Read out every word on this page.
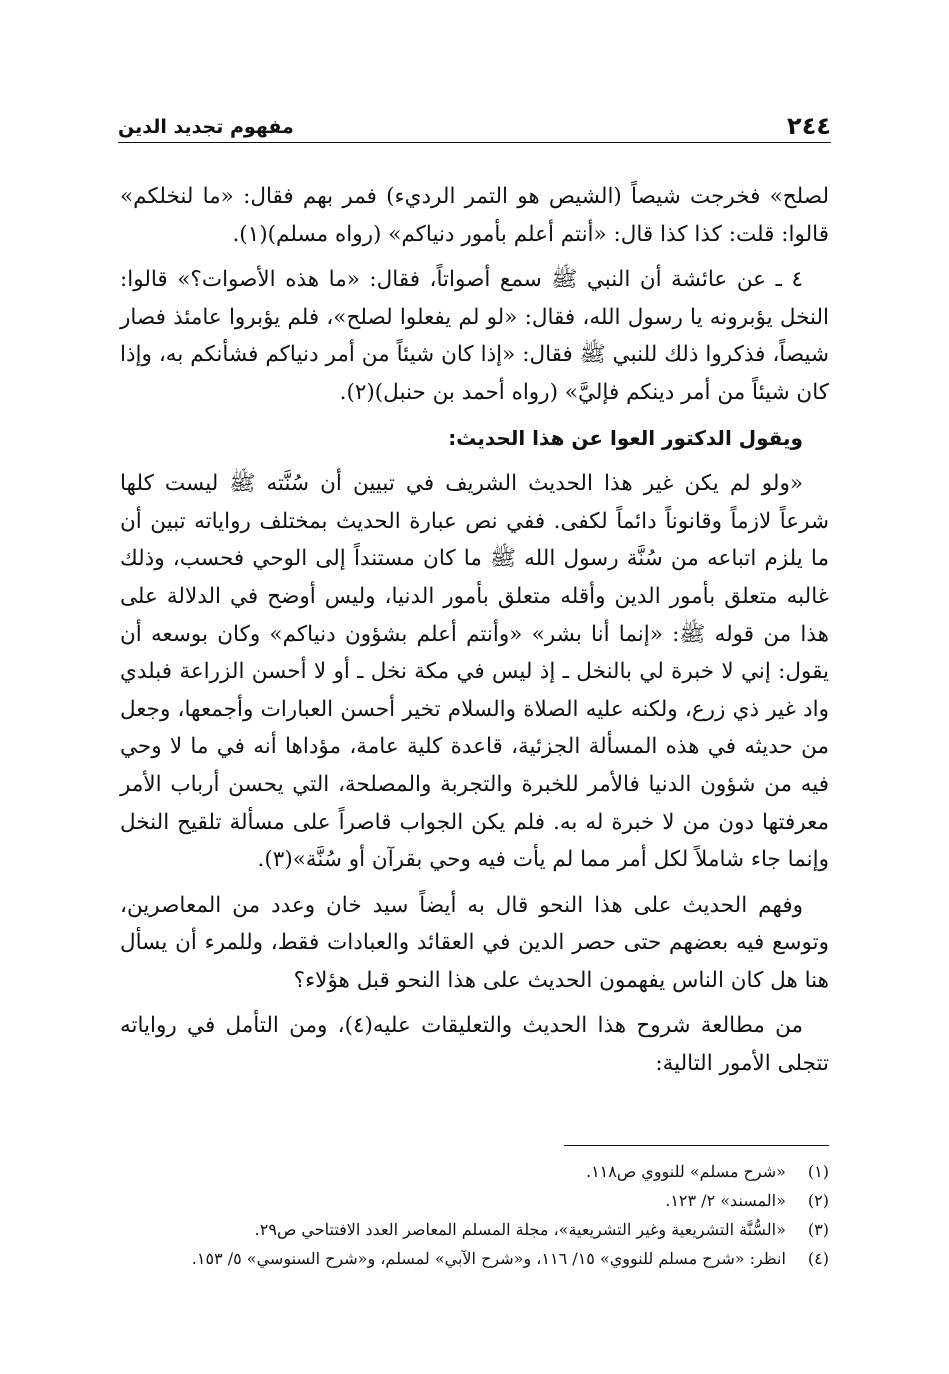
٢٤٤
مفهوم تجديد الدين

لصلح» فخرجت شيصاً (الشيص هو التمر الرديء) فمر بهم فقال: «ما لنخلكم» قالوا: قلت: كذا كذا قال: «أنتم أعلم بأمور دنياكم» (رواه مسلم)(١).

٤ ـ عن عائشة أن النبي ﷺ سمع أصواتاً، فقال: «ما هذه الأصوات؟» قالوا: النخل يؤبرونه يا رسول الله، فقال: «لو لم يفعلوا لصلح»، فلم يؤبروا عامئذ فصار شيصاً، فذكروا ذلك للنبي ﷺ فقال: «إذا كان شيئاً من أمر دنياكم فشأنكم به، وإذا كان شيئاً من أمر دينكم فإليَّ» (رواه أحمد بن حنبل)(٢).

ويقول الدكتور العوا عن هذا الحديث:

«ولو لم يكن غير هذا الحديث الشريف في تبيين أن سُنَّته ﷺ ليست كلها شرعاً لازماً وقانوناً دائماً لكفى. ففي نص عبارة الحديث بمختلف رواياته تبين أن ما يلزم اتباعه من سُنَّة رسول الله ﷺ ما كان مستنداً إلى الوحي فحسب، وذلك غالبه متعلق بأمور الدين وأقله متعلق بأمور الدنيا، وليس أوضح في الدلالة على هذا من قوله ﷺ: «إنما أنا بشر» «وأنتم أعلم بشؤون دنياكم» وكان بوسعه أن يقول: إني لا خبرة لي بالنخل ـ إذ ليس في مكة نخل ـ أو لا أحسن الزراعة فبلدي واد غير ذي زرع، ولكنه عليه الصلاة والسلام تخير أحسن العبارات وأجمعها، وجعل من حديثه في هذه المسألة الجزئية، قاعدة كلية عامة، مؤداها أنه في ما لا وحي فيه من شؤون الدنيا فالأمر للخبرة والتجربة والمصلحة، التي يحسن أرباب الأمر معرفتها دون من لا خبرة له به. فلم يكن الجواب قاصراً على مسألة تلقيح النخل وإنما جاء شاملاً لكل أمر مما لم يأت فيه وحي بقرآن أو سُنَّة»(٣).

وفهم الحديث على هذا النحو قال به أيضاً سيد خان وعدد من المعاصرين، وتوسع فيه بعضهم حتى حصر الدين في العقائد والعبادات فقط، وللمرء أن يسأل هنا هل كان الناس يفهمون الحديث على هذا النحو قبل هؤلاء؟

من مطالعة شروح هذا الحديث والتعليقات عليه(٤)، ومن التأمل في رواياته تتجلى الأمور التالية:

(١) «شرح مسلم» للنووي ص١١٨.
(٢) «المسند» ٢/ ١٢٣.
(٣) «السُّنَّة التشريعية وغير التشريعية»، مجلة المسلم المعاصر العدد الافتتاحي ص٢٩.
(٤) انظر: «شرح مسلم للنووي» ١٥/ ١١٦، و«شرح الآبي» لمسلم، و«شرح السنوسي» ٥/ ١٥٣.
